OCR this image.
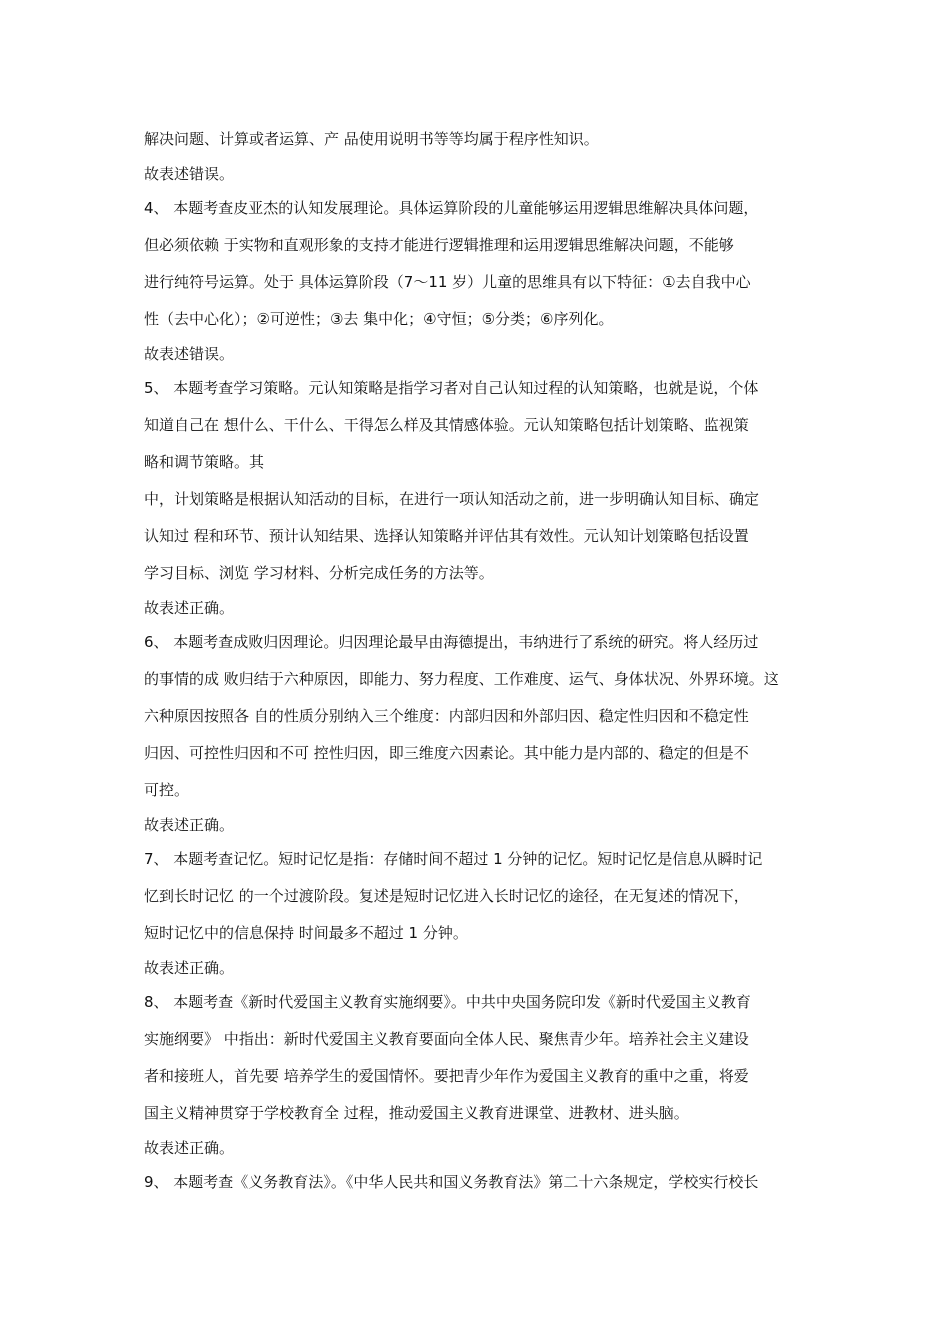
解决问题、计算或者运算、产 品使用说明书等等均属于程序性知识。
故表述错误。
4、 本题考查皮亚杰的认知发展理论。具体运算阶段的儿童能够运用逻辑思维解决具体问题，
但必须依赖 于实物和直观形象的支持才能进行逻辑推理和运用逻辑思维解决问题，不能够
进行纯符号运算。处于 具体运算阶段（7～11 岁）儿童的思维具有以下特征：①去自我中心
性（去中心化）；②可逆性；③去 集中化；④守恒；⑤分类；⑥序列化。
故表述错误。
5、 本题考查学习策略。元认知策略是指学习者对自己认知过程的认知策略，也就是说，个体
知道自己在 想什么、干什么、干得怎么样及其情感体验。元认知策略包括计划策略、监视策
略和调节策略。其
中，计划策略是根据认知活动的目标，在进行一项认知活动之前，进一步明确认知目标、确定
认知过 程和环节、预计认知结果、选择认知策略并评估其有效性。元认知计划策略包括设置
学习目标、浏览 学习材料、分析完成任务的方法等。
故表述正确。
6、 本题考查成败归因理论。归因理论最早由海德提出，韦纳进行了系统的研究。将人经历过
的事情的成 败归结于六种原因，即能力、努力程度、工作难度、运气、身体状况、外界环境。这
六种原因按照各 自的性质分别纳入三个维度：内部归因和外部归因、稳定性归因和不稳定性
归因、可控性归因和不可 控性归因，即三维度六因素论。其中能力是内部的、稳定的但是不
可控。
故表述正确。
7、 本题考查记忆。短时记忆是指：存储时间不超过 1 分钟的记忆。短时记忆是信息从瞬时记
忆到长时记忆 的一个过渡阶段。复述是短时记忆进入长时记忆的途径，在无复述的情况下，
短时记忆中的信息保持 时间最多不超过 1 分钟。
故表述正确。
8、 本题考查《新时代爱国主义教育实施纲要》。中共中央国务院印发《新时代爱国主义教育
实施纲要》 中指出：新时代爱国主义教育要面向全体人民、聚焦青少年。培养社会主义建设
者和接班人，首先要 培养学生的爱国情怀。要把青少年作为爱国主义教育的重中之重，将爱
国主义精神贯穿于学校教育全 过程，推动爱国主义教育进课堂、进教材、进头脑。
故表述正确。
9、 本题考查《义务教育法》。《中华人民共和国义务教育法》第二十六条规定，学校实行校长
